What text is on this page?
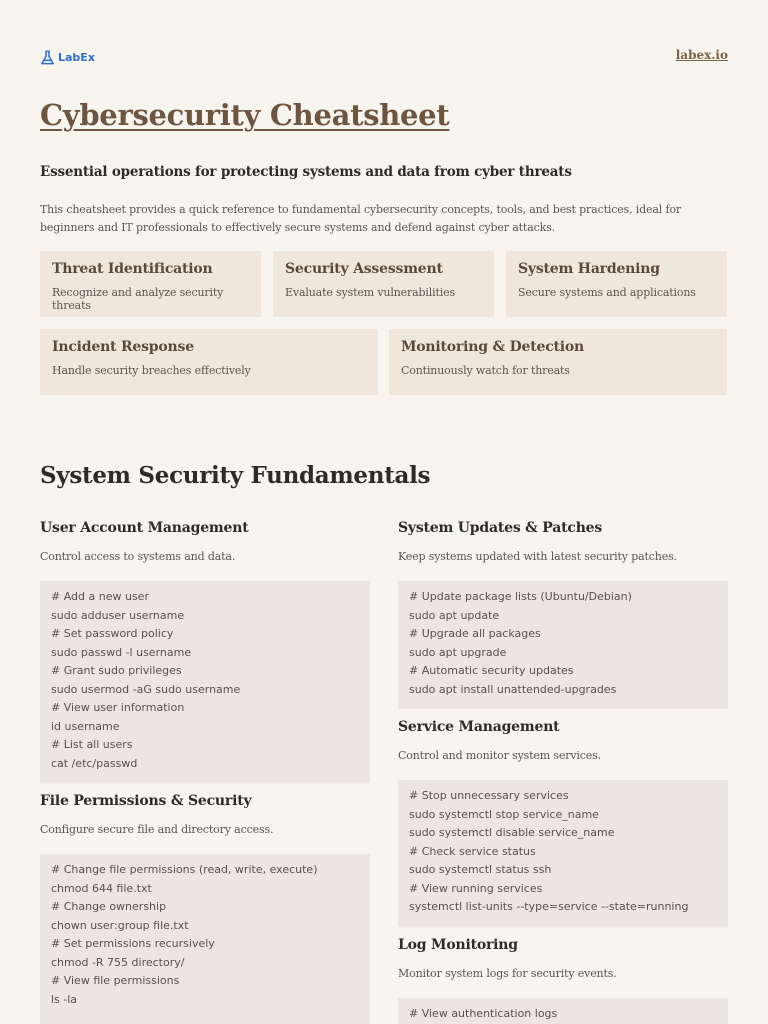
LabEx	labex.io
Cybersecurity Cheatsheet
Essential operations for protecting systems and data from cyber threats

This cheatsheet provides a quick reference to fundamental cybersecurity concepts, tools, and best practices, ideal for beginners and IT professionals to effectively secure systems and defend against cyber attacks.

Threat Identification
Recognize and analyze security threats
Security Assessment
Evaluate system vulnerabilities
System Hardening
Secure systems and applications
Incident Response
Handle security breaches effectively
Monitoring & Detection
Continuously watch for threats
System Security Fundamentals
User Account Management

Control access to systems and data.

# Add a new user
sudo adduser username
# Set password policy
sudo passwd -l username
# Grant sudo privileges
sudo usermod -aG sudo username
# View user information
id username
# List all users
cat /etc/passwd
File Permissions & Security

Configure secure file and directory access.

# Change file permissions (read, write, execute)
chmod 644 file.txt
# Change ownership
chown user:group file.txt
# Set permissions recursively
chmod -R 755 directory/
# View file permissions
ls -la
System Updates & Patches

Keep systems updated with latest security patches.

# Update package lists (Ubuntu/Debian)
sudo apt update
# Upgrade all packages
sudo apt upgrade
# Automatic security updates
sudo apt install unattended-upgrades
Service Management

Control and monitor system services.

# Stop unnecessary services
sudo systemctl stop service_name
sudo systemctl disable service_name
# Check service status
sudo systemctl status ssh
# View running services
systemctl list-units --type=service --state=running
Log Monitoring

Monitor system logs for security events.

# View authentication logs
